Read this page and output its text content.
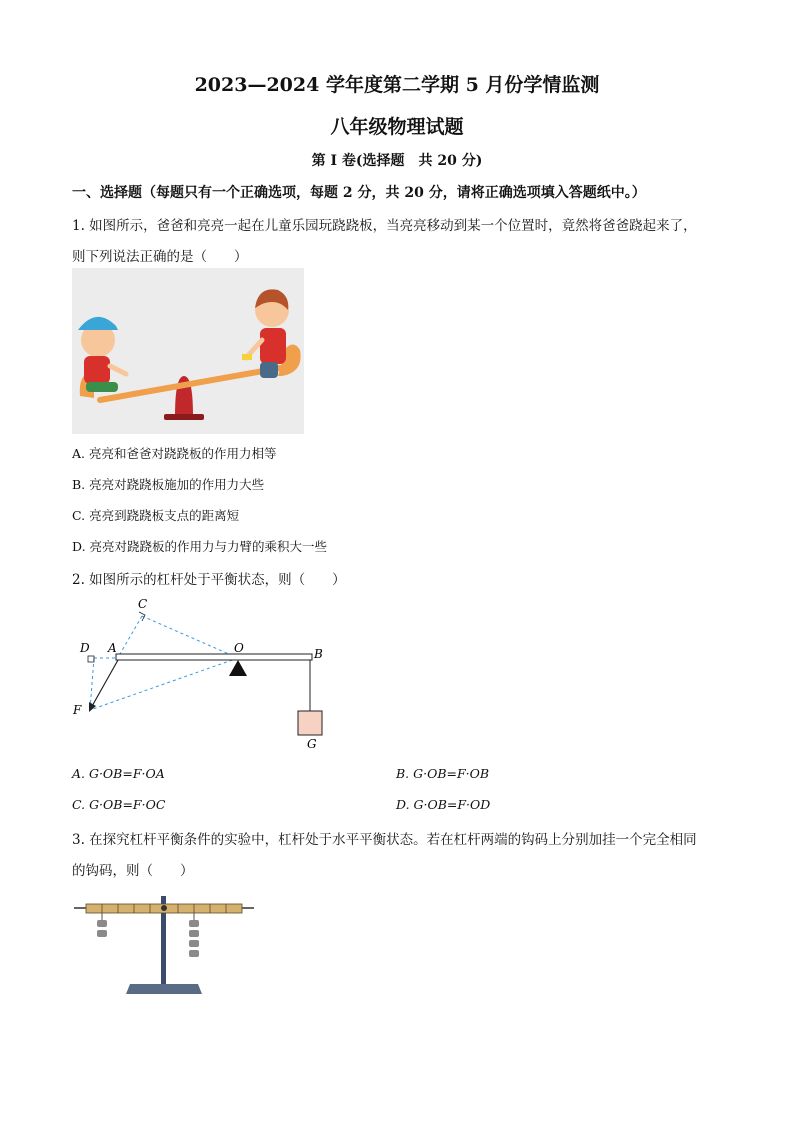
2023—2024 学年度第二学期 5 月份学情监测
八年级物理试题
第 I 卷(选择题　共 20 分)
一、选择题（每题只有一个正确选项，每题 2 分，共 20 分，请将正确选项填入答题纸中。）
1. 如图所示，爸爸和亮亮一起在儿童乐园玩跷跷板，当亮亮移动到某一个位置时，竟然将爸爸跷起来了，
则下列说法正确的是（　　）
A. 亮亮和爸爸对跷跷板的作用力相等
B. 亮亮对跷跷板施加的作用力大些
C. 亮亮到跷跷板支点的距离短
D. 亮亮对跷跷板的作用力与力臂的乘积大一些
2. 如图所示的杠杆处于平衡状态，则（　　）
C
D A	O	B
F
G
A. G·OB=F·OA	B. G·OB=F·OB
C. G·OB=F·OC	D. G·OB=F·OD
3. 在探究杠杆平衡条件的实验中，杠杆处于水平平衡状态。若在杠杆两端的钩码上分别加挂一个完全相同
的钩码，则（　　）
